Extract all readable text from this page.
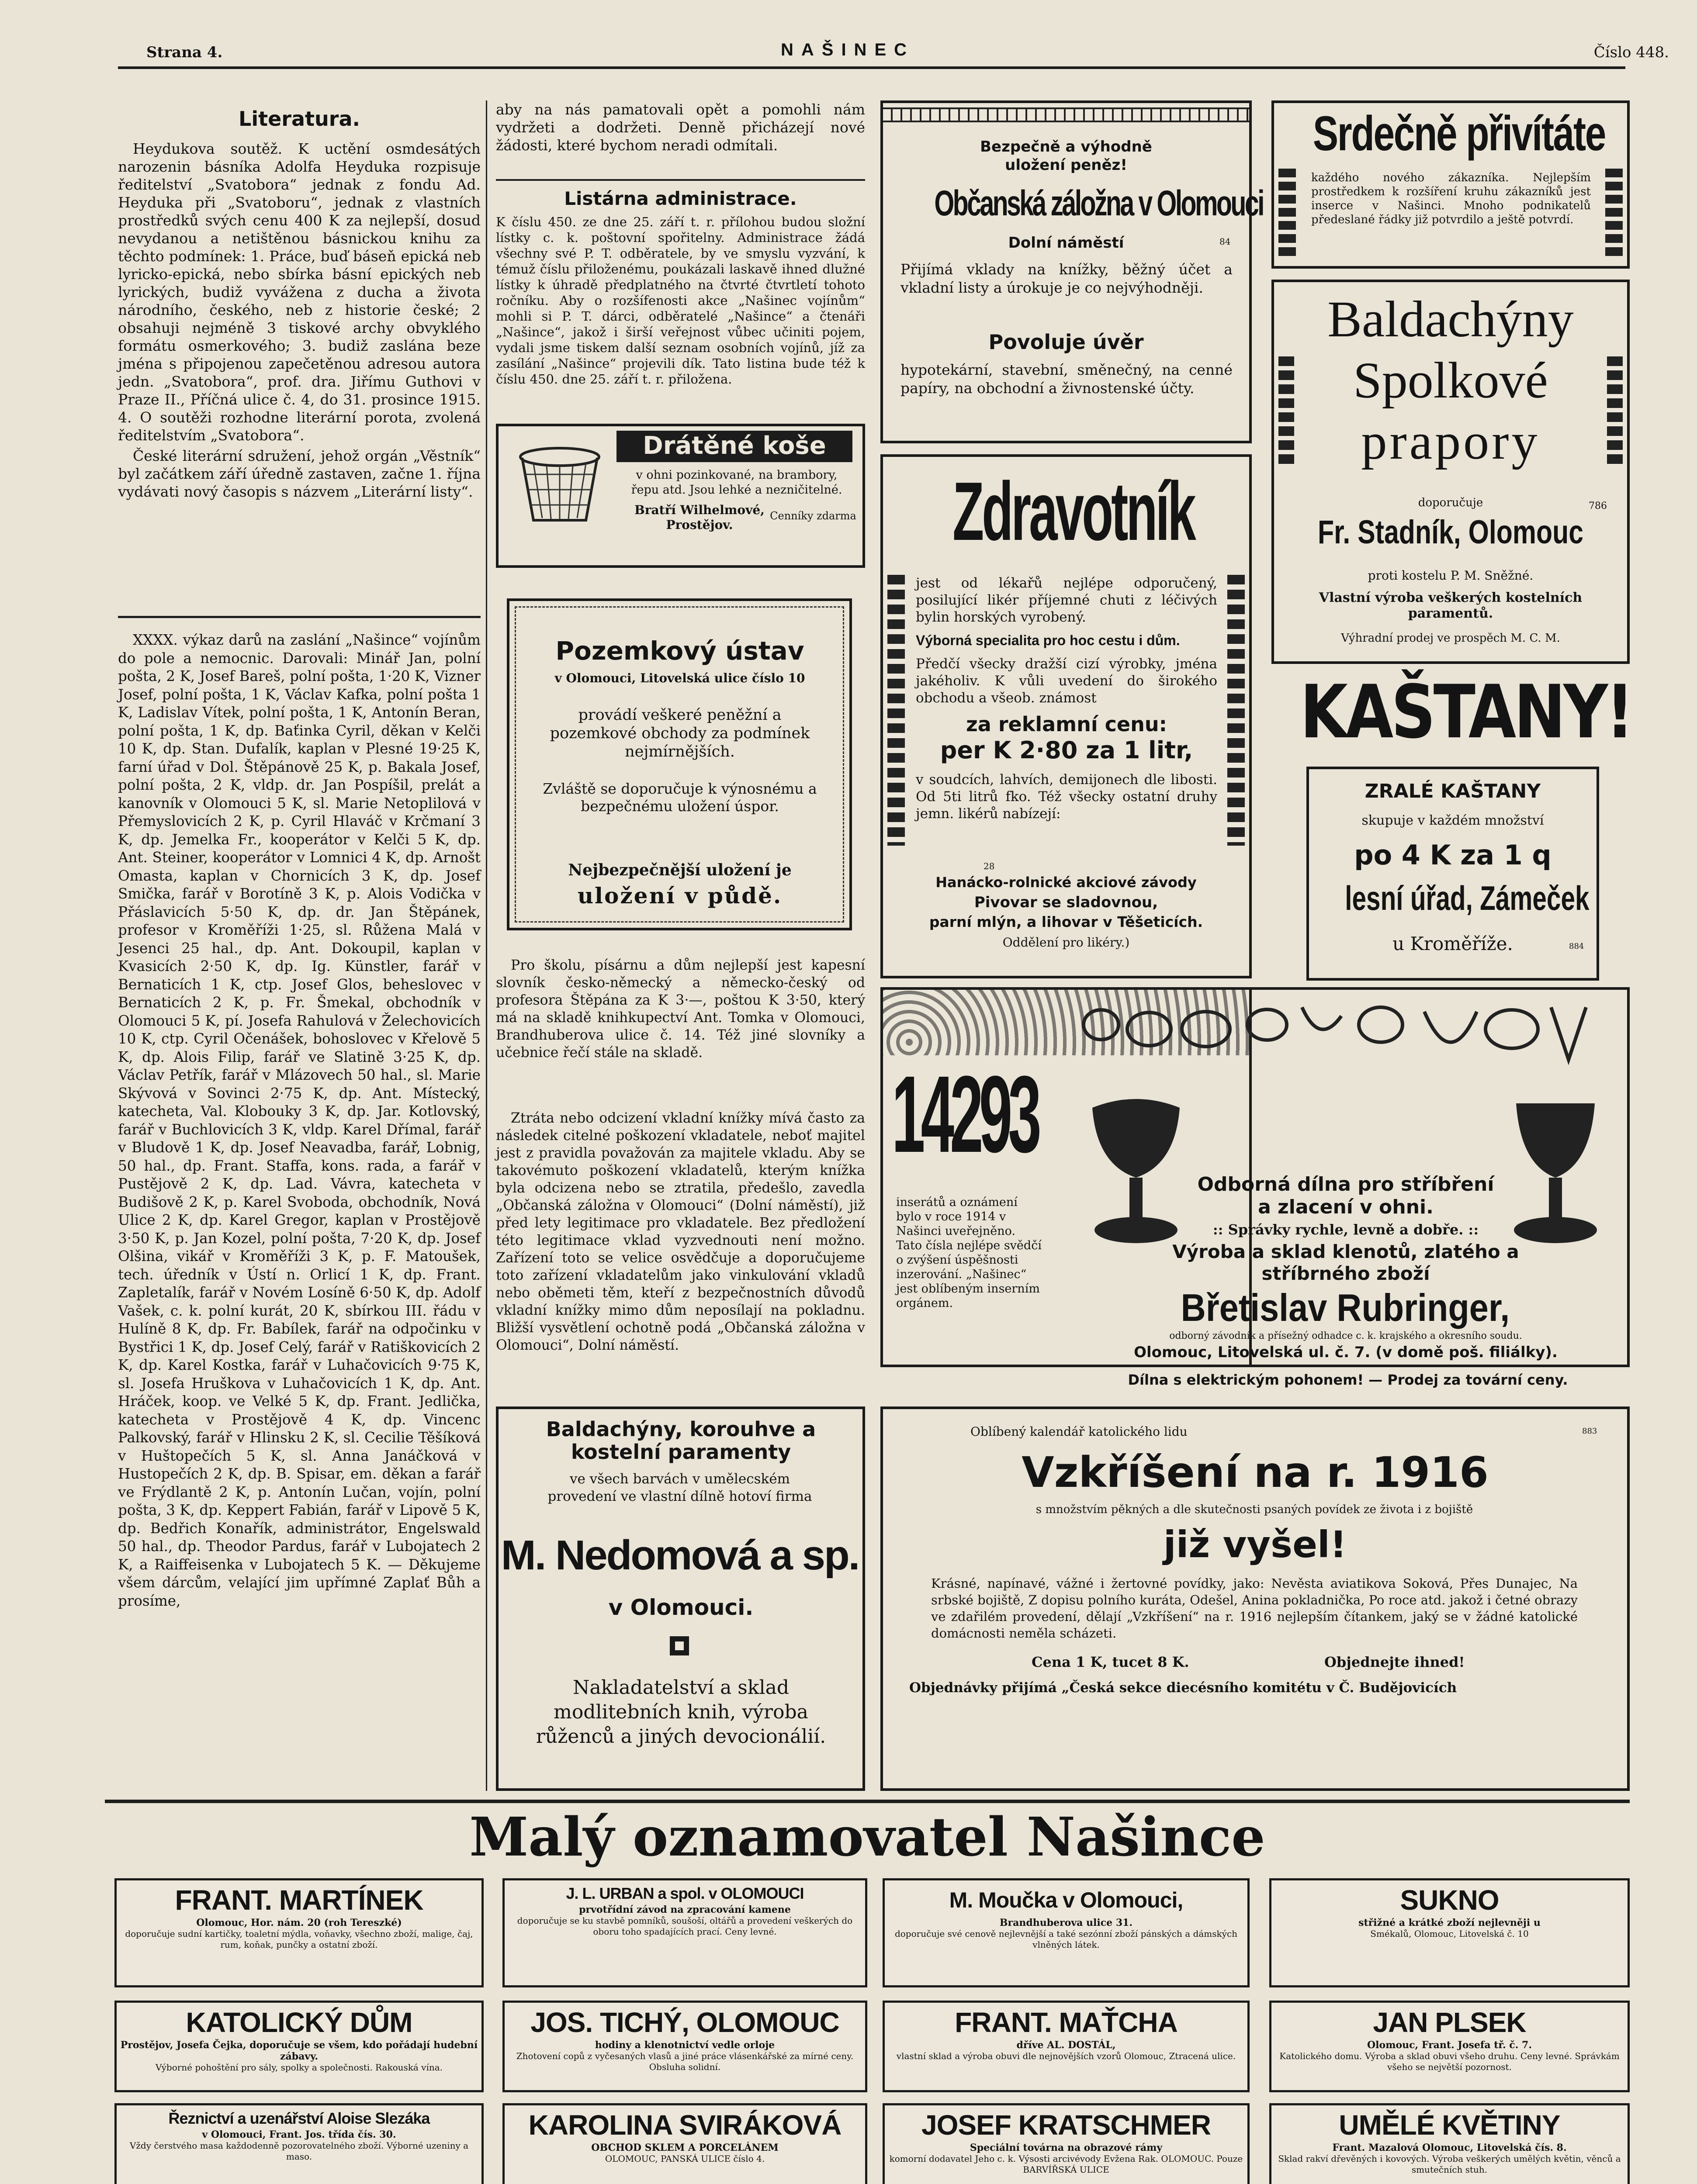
Strana 4.	NAŠINEC	Číslo 448.
Literatura.

Heydukova soutěž. K uctění osmdesátých narozenin básníka Adolfa Heyduka rozpisuje ředitelství „Svatobora“ jednak z fondu Ad. Heyduka při „Svatoboru“, jednak z vlastních prostředků svých cenu 400 K za nejlepší, dosud nevydanou a netištěnou básnickou knihu za těchto podmínek: 1. Práce, buď báseň epická neb lyricko-epická, nebo sbírka básní epických neb lyrických, budiž vyvážena z ducha a života národního, českého, neb z historie české; 2 obsahuji nejméně 3 tiskové archy obvyklého formátu osmerkového; 3. budiž zaslána beze jména s připojenou zapečetěnou adresou autora jedn. „Svatobora“, prof. dra. Jiřímu Guthovi v Praze II., Příčná ulice č. 4, do 31. prosince 1915. 4. O soutěži rozhodne literární porota, zvolená ředitelstvím „Svatobora“.

České literární sdružení, jehož orgán „Věstník“ byl začátkem září úředně zastaven, začne 1. října vydávati nový časopis s názvem „Literární listy“.

XXXX. výkaz darů na zaslání „Našince“ vojínům do pole a nemocnic. Darovali: Minář Jan, polní pošta, 2 K, Josef Bareš, polní pošta, 1·20 K, Vizner Josef, polní pošta, 1 K, Václav Kafka, polní pošta 1 K, Ladislav Vítek, polní pošta, 1 K, Antonín Beran, polní pošta, 1 K, dp. Baťinka Cyril, děkan v Kelči 10 K, dp. Stan. Dufalík, kaplan v Plesné 19·25 K, farní úřad v Dol. Štěpánově 25 K, p. Bakala Josef, polní pošta, 2 K, vldp. dr. Jan Pospíšil, prelát a kanovník v Olomouci 5 K, sl. Marie Netoplilová v Přemyslovicích 2 K, p. Cyril Hlaváč v Krčmaní 3 K, dp. Jemelka Fr., kooperátor v Kelči 5 K, dp. Ant. Steiner, kooperátor v Lomnici 4 K, dp. Arnošt Omasta, kaplan v Chornicích 3 K, dp. Josef Smička, farář v Borotíně 3 K, p. Alois Vodička v Přáslavicích 5·50 K, dp. dr. Jan Štěpánek, profesor v Kroměříži 1·25, sl. Růžena Malá v Jesenci 25 hal., dp. Ant. Dokoupil, kaplan v Kvasicích 2·50 K, dp. Ig. Künstler, farář v Bernaticích 1 K, ctp. Josef Glos, beheslovec v Bernaticích 2 K, p. Fr. Šmekal, obchodník v Olomouci 5 K, pí. Josefa Rahulová v Želechovicích 10 K, ctp. Cyril Očenášek, bohoslovec v Křelově 5 K, dp. Alois Filip, farář ve Slatině 3·25 K, dp. Václav Petřík, farář v Mlázovech 50 hal., sl. Marie Skývová v Sovinci 2·75 K, dp. Ant. Místecký, katecheta, Val. Klobouky 3 K, dp. Jar. Kotlovský, farář v Buchlovicích 3 K, vldp. Karel Dřímal, farář v Bludově 1 K, dp. Josef Neavadba, farář, Lobnig, 50 hal., dp. Frant. Staffa, kons. rada, a farář v Pustějově 2 K, dp. Lad. Vávra, katecheta v Budišově 2 K, p. Karel Svoboda, obchodník, Nová Ulice 2 K, dp. Karel Gregor, kaplan v Prostějově 3·50 K, p. Jan Kozel, polní pošta, 7·20 K, dp. Josef Olšina, vikář v Kroměříži 3 K, p. F. Matoušek, tech. úředník v Ústí n. Orlicí 1 K, dp. Frant. Zapletalík, farář v Novém Losíně 6·50 K, dp. Adolf Vašek, c. k. polní kurát, 20 K, sbírkou III. řádu v Hulíně 8 K, dp. Fr. Babílek, farář na odpočinku v Bystřici 1 K, dp. Josef Celý, farář v Ratiškovicích 2 K, dp. Karel Kostka, farář v Luhačovicích 9·75 K, sl. Josefa Hruškova v Luhačovicích 1 K, dp. Ant. Hráček, koop. ve Velké 5 K, dp. Frant. Jedlička, katecheta v Prostějově 4 K, dp. Vincenc Palkovský, farář v Hlinsku 2 K, sl. Cecilie Těšíková v Huštopečích 5 K, sl. Anna Janáčková v Hustopečích 2 K, dp. B. Spisar, em. děkan a farář ve Frýdlantě 2 K, p. Antonín Lučan, vojín, polní pošta, 3 K, dp. Keppert Fabián, farář v Lipově 5 K, dp. Bedřich Konařík, administrátor, Engelswald 50 hal., dp. Theodor Pardus, farář v Lubojatech 2 K, a Raiffeisenka v Lubojatech 5 K. — Děkujeme všem dárcům, velající jim upřímné Zaplať Bůh a prosíme,

aby na nás pamatovali opět a pomohli nám vydržeti a dodržeti. Denně přicházejí nové žádosti, které bychom neradi odmítali.
Listárna administrace.
K číslu 450. ze dne 25. září t. r. přílohou budou složní lístky c. k. poštovní spořitelny. Administrace žádá všechny své P. T. odběratele, by ve smyslu vyzvání, k témuž číslu přiloženému, poukázali laskavě ihned dlužné lístky k úhradě předplatného na čtvrté čtvrtletí tohoto ročníku. Aby o rozšífenosti akce „Našinec vojínům“ mohli si P. T. dárci, odběratelé „Našince“ a čtenáři „Našince“, jakož i širší veřejnost vůbec učiniti pojem, vydali jsme tiskem další seznam osobních vojínů, jíž za zasílání „Našince“ projevili dík. Tato listina bude též k číslu 450. dne 25. září t. r. přiložena.
Drátěné koše
v ohni pozinkované, na brambory, řepu atd. Jsou lehké a nezničitelné.
Bratří Wilhelmové, Prostějov.
Cenníky zdarma
Pozemkový ústav
v Olomouci, Litovelská ulice číslo 10
provádí veškeré peněžní a pozemkové obchody za podmínek nejmírnějších.
Zvláště se doporučuje k výnosnému a bezpečnému uložení úspor.
Nejbezpečnější uložení je
uložení v půdě.

Pro školu, písárnu a dům nejlepší jest kapesní slovník česko-německý a německo-český od profesora Štěpána za K 3·—, poštou K 3·50, který má na skladě knihkupectví Ant. Tomka v Olomouci, Brandhuberova ulice č. 14. Též jiné slovníky a učebnice řečí stále na skladě.

Ztráta nebo odcizení vkladní knížky mívá často za následek citelné poškození vkladatele, neboť majitel jest z pravidla považován za majitele vkladu. Aby se takovémuto poškození vkladatelů, kterým knížka byla odcizena nebo se ztratila, předešlo, zavedla „Občanská záložna v Olomouci“ (Dolní náměstí), již před lety legitimace pro vkladatele. Bez předložení této legitimace vklad vyzvednouti není možno. Zařízení toto se velice osvědčuje a doporučujeme toto zařízení vkladatelům jako vinkulování vkladů nebo oběmeti těm, kteří z bezpečnostních důvodů vkladní knížky mimo dům neposílají na pokladnu. Bližší vysvětlení ochotně podá „Občanská záložna v Olomouci“, Dolní náměstí.

Baldachýny, korouhve a kostelní paramenty
ve všech barvách v umělecském provedení ve vlastní dílně hotoví firma
M. Nedomová a sp.
v Olomouci.
Nakladatelství a sklad modlitebních knih, výroba růženců a jiných devocionálií.
Bezpečně a výhodně
uložení peněz!
Občanská záložna v Olomouci
Dolní náměstí	84
Přijímá vklady na knížky, běžný účet a vkladní listy a úrokuje je co nejvýhodněji.
Povoluje úvěr
hypotekární, stavební, směnečný, na cenné papíry, na obchodní a živnostenské účty.
Zdravotník
jest od lékařů nejlépe odporučený, posilující likér příjemné chuti z léčivých bylin horských vyrobený.
Výborná specialita pro hoc cestu i dům.
Předčí všecky dražší cizí výrobky, jména jakéholiv. K vůli uvedení do širokého obchodu a všeob. známost
za reklamní cenu:
per K 2·80 za 1 litr,
v soudcích, lahvích, demijonech dle libosti. Od 5ti litrů fko. Též všecky ostatní druhy jemn. likérů nabízejí:
28
Hanácko-rolnické akciové závody
Pivovar se sladovnou,
parní mlýn, a lihovar v Těšeticích.
Oddělení pro likéry.)
14293
inserátů a oznámení bylo v roce 1914 v Našinci uveřejněno. Tato čísla nejlépe svědčí o zvýšení úspěšnosti inzerování. „Našinec“ jest oblíbeným inserním orgánem.
Srdečně přivítáte
každého nového zákazníka. Nejlepším prostředkem k rozšíření kruhu zákazníků jest inserce v Našinci. Mnoho podnikatelů předeslané řádky již potvrdilo a ještě potvrdí.
Baldachýny
Spolkové
prapory
doporučuje	786
Fr. Stadník, Olomouc
proti kostelu P. M. Sněžné.
Vlastní výroba veškerých kostelních paramentů.
Výhradní prodej ve prospěch M. C. M.
KAŠTANY!
ZRALÉ KAŠTANY
skupuje v každém množství
po 4 K za 1 q
lesní úřad, Zámeček
u Kroměříže.	884
Odborná dílna pro stříbření a zlacení v ohni.
:: Správky rychle, levně a dobře. ::
Výroba a sklad klenotů, zlatého a stříbrného zboží
Břetislav Rubringer,
odborný závodník a přísežný odhadce c. k. krajského a okresního soudu.
Olomouc, Litovelská ul. č. 7. (v domě poš. filiálky).
Dílna s elektrickým pohonem! — Prodej za tovární ceny.
Oblíbený kalendář katolického lidu	883
Vzkříšení na r. 1916
s množstvím pěkných a dle skutečnosti psaných povídek ze života i z bojiště
již vyšel!
Krásné, napínavé, vážné i žertovné povídky, jako: Nevěsta aviatikova Soková, Přes Dunajec, Na srbské bojiště, Z dopisu polního kuráta, Odešel, Anina pokladnička, Po roce atd. jakož i četné obrazy ve zdařilém provedení, dělají „Vzkříšení“ na r. 1916 nejlepším čítankem, jaký se v žádné katolické domácnosti neměla scházeti.
Cena 1 K, tucet 8 K.	Objednejte ihned!
Objednávky přijímá „Česká sekce diecésního komitétu v Č. Budějovicích
Malý oznamovatel Našince
FRANT. MARTÍNEK
Olomouc, Hor. nám. 20 (roh Tereszké)
doporučuje sudní kartičky, toaletní mýdla, voňavky, všechno zboží, malige, čaj, rum, koňak, punčky a ostatní zboží.
J. L. URBAN a spol. v OLOMOUCI
prvotřídní závod na zpracování kamene
doporučuje se ku stavbě pomníků, soušoší, oltářů a provedení veškerých do oboru toho spadajících prací. Ceny levné.
M. Moučka v Olomouci,
Brandhuberova ulice 31.
doporučuje své cenově nejlevnější a také sezónní zboží pánských a dámských vlněných látek.
SUKNO
střižné a krátké zboží nejlevněji u
Smékalů, Olomouc, Litovelská č. 10
KATOLICKÝ DŮM
Prostějov, Josefa Čejka, doporučuje se všem, kdo pořádají hudební zábavy.
Výborné pohoštění pro sály, spolky a společnosti. Rakouská vína.
JOS. TICHÝ, OLOMOUC
hodiny a klenotnictví vedle orloje
Zhotovení copů z vyčesaných vlasů a jiné práce vlásenkářské za mírné ceny. Obsluha solidní.
FRANT. MAŤCHA
dříve AL. DOSTÁL,
vlastní sklad a výroba obuvi dle nejnovějších vzorů Olomouc, Ztracená ulice.
JAN PLSEK
Olomouc, Frant. Josefa tř. č. 7.
Katolického domu. Výroba a sklad obuvi všeho druhu. Ceny levné. Správkám všeho se největší pozornost.
Řeznictví a uzenářství Aloise Slezáka
v Olomouci, Frant. Jos. třída čís. 30.
Vždy čerstvého masa každodenně pozorovatelného zboží. Výborné uzeniny a maso.
KAROLINA SVIRÁKOVÁ
OBCHOD SKLEM A PORCELÁNEM
OLOMOUC, PANSKÁ ULICE číslo 4.
JOSEF KRATSCHMER
Speciální továrna na obrazové rámy
komorní dodavatel Jeho c. k. Výsosti arcivévody Evžena Rak. OLOMOUC. Pouze BARVÍŘSKÁ ULICE
UMĚLÉ KVĚTINY
Frant. Mazalová Olomouc, Litovelská čís. 8.
Sklad rakví dřevěných i kovových. Výroba veškerých umělých květin, věnců a smutečních stuh.
